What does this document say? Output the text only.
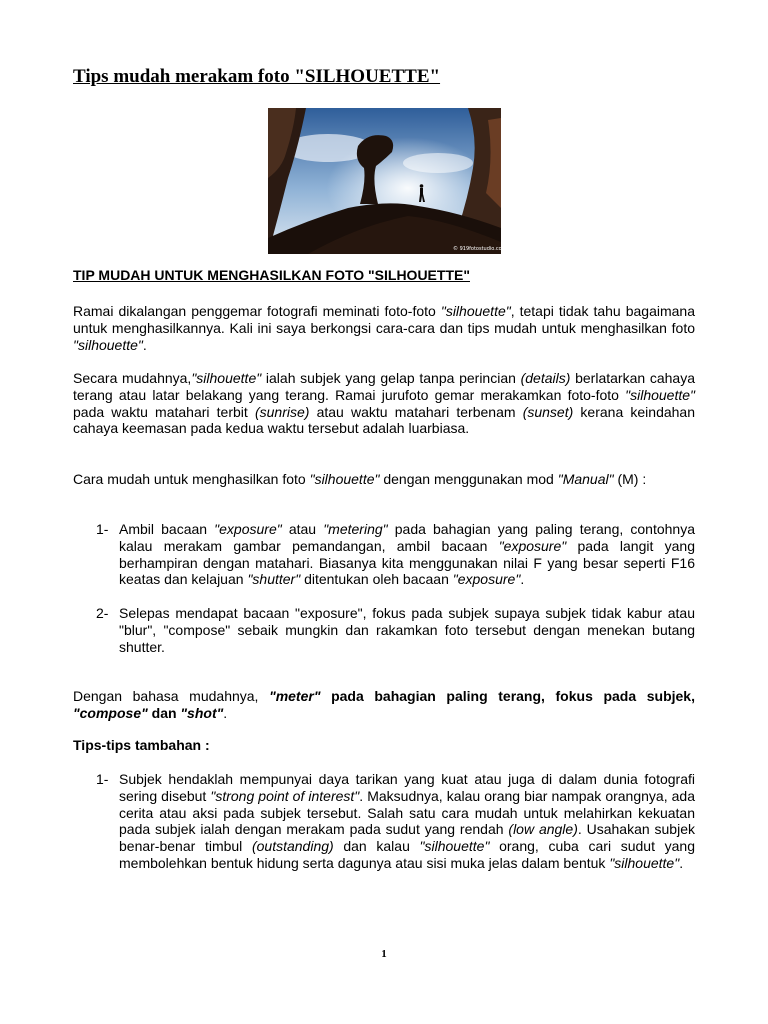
Tips mudah merakam foto "SILHOUETTE"
© 919fotostudio.com
TIP MUDAH UNTUK MENGHASILKAN FOTO "SILHOUETTE"

Ramai dikalangan penggemar fotografi meminati foto-foto "silhouette", tetapi tidak tahu bagaimana untuk menghasilkannya. Kali ini saya berkongsi cara-cara dan tips mudah untuk menghasilkan foto "silhouette".

Secara mudahnya,"silhouette" ialah subjek yang gelap tanpa perincian (details) berlatarkan cahaya terang atau latar belakang yang terang. Ramai jurufoto gemar merakamkan foto-foto "silhouette" pada waktu matahari terbit (sunrise) atau waktu matahari terbenam (sunset) kerana keindahan cahaya keemasan pada kedua waktu tersebut adalah luarbiasa.

Cara mudah untuk menghasilkan foto "silhouette" dengan menggunakan mod "Manual" (M) :

1- Ambil bacaan "exposure" atau "metering" pada bahagian yang paling terang, contohnya kalau merakam gambar pemandangan, ambil bacaan "exposure" pada langit yang berhampiran dengan matahari. Biasanya kita menggunakan nilai F yang besar seperti F16 keatas dan kelajuan "shutter" ditentukan oleh bacaan "exposure".
2- Selepas mendapat bacaan "exposure", fokus pada subjek supaya subjek tidak kabur atau "blur", "compose" sebaik mungkin dan rakamkan foto tersebut dengan menekan butang shutter.

Dengan bahasa mudahnya, "meter" pada bahagian paling terang, fokus pada subjek, "compose" dan "shot".

Tips-tips tambahan :
1- Subjek hendaklah mempunyai daya tarikan yang kuat atau juga di dalam dunia fotografi sering disebut "strong point of interest". Maksudnya, kalau orang biar nampak orangnya, ada cerita atau aksi pada subjek tersebut. Salah satu cara mudah untuk melahirkan kekuatan pada subjek ialah dengan merakam pada sudut yang rendah (low angle). Usahakan subjek benar-benar timbul (outstanding) dan kalau "silhouette" orang, cuba cari sudut yang membolehkan bentuk hidung serta dagunya atau sisi muka jelas dalam bentuk "silhouette".

1
